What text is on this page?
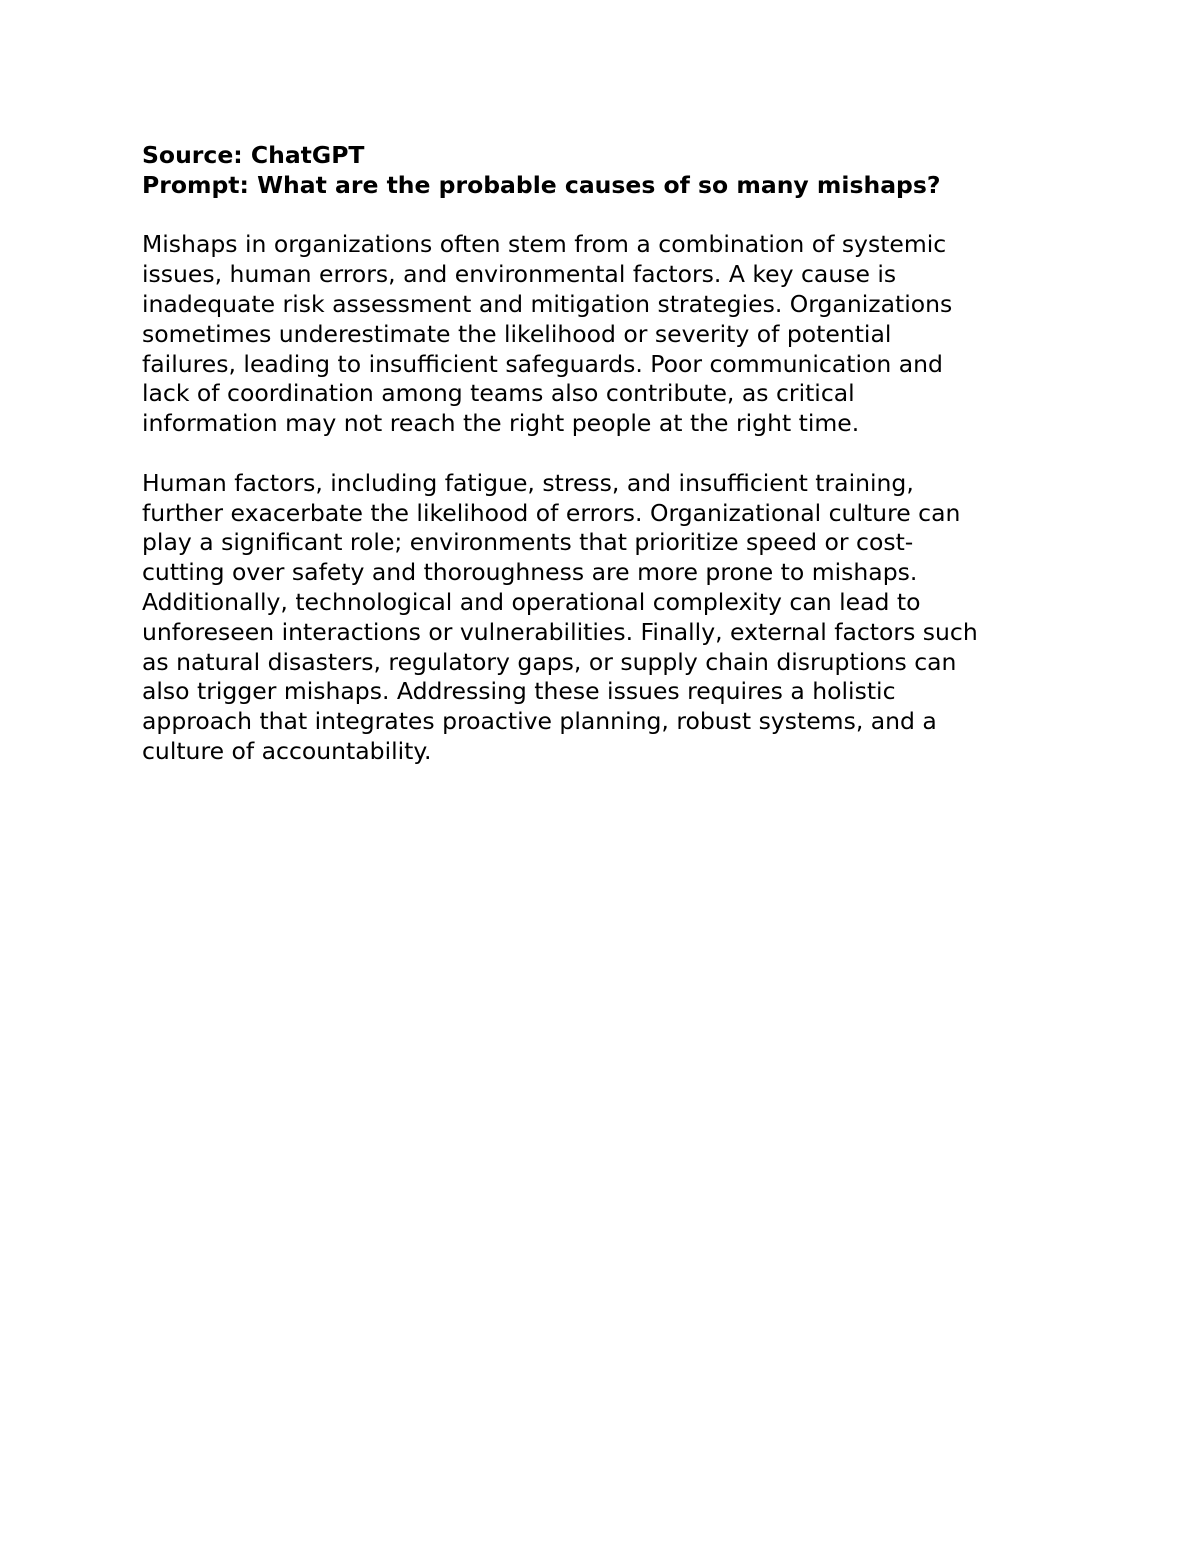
Source: ChatGPT

Prompt: What are the probable causes of so many mishaps?

Mishaps in organizations often stem from a combination of systemic
issues, human errors, and environmental factors. A key cause is
inadequate risk assessment and mitigation strategies. Organizations
sometimes underestimate the likelihood or severity of potential
failures, leading to insufficient safeguards. Poor communication and
lack of coordination among teams also contribute, as critical
information may not reach the right people at the right time.

Human factors, including fatigue, stress, and insufficient training,
further exacerbate the likelihood of errors. Organizational culture can
play a significant role; environments that prioritize speed or cost-
cutting over safety and thoroughness are more prone to mishaps.
Additionally, technological and operational complexity can lead to
unforeseen interactions or vulnerabilities. Finally, external factors such
as natural disasters, regulatory gaps, or supply chain disruptions can
also trigger mishaps. Addressing these issues requires a holistic
approach that integrates proactive planning, robust systems, and a
culture of accountability.
